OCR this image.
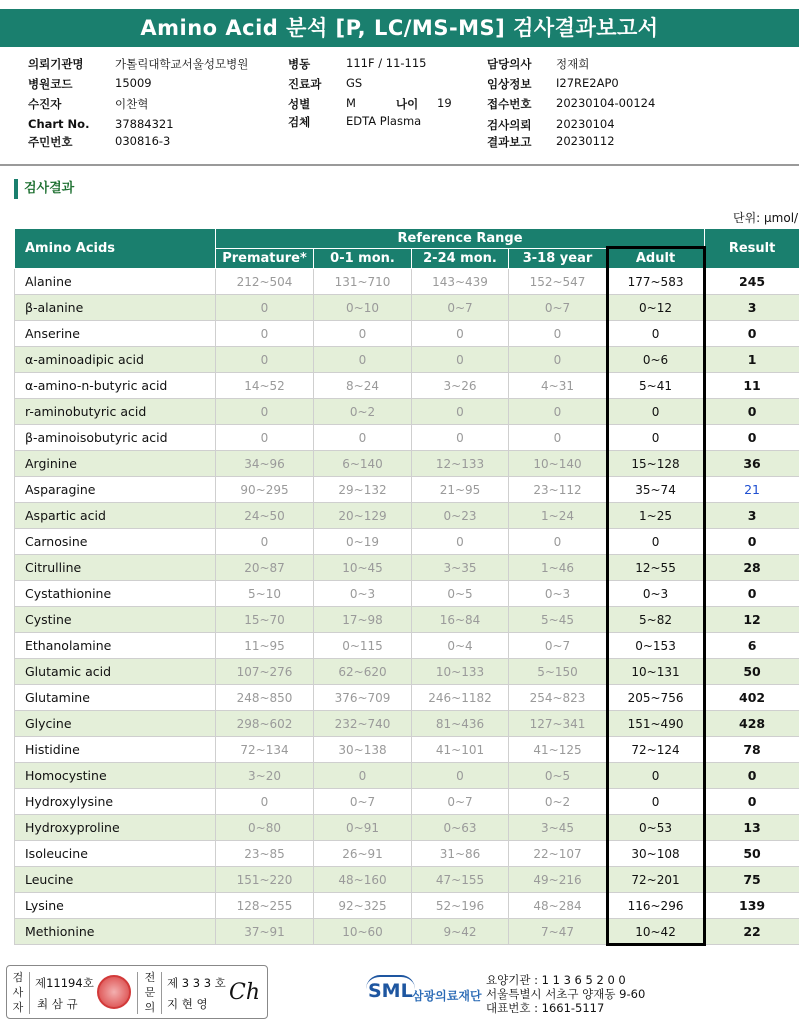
Amino Acid 분석 [P, LC/MS-MS] 검사결과보고서
의뢰기관명	가톨릭대학교서울성모병원
병원코드	15009
수진자	이찬혁
Chart No. 37884321
주민번호	030816-3
병동	111F / 11-115
진료과 GS
성별	M	나이 19
검체	EDTA Plasma
담당의사 정재희
임상정보 I27RE2AP0
접수번호 20230104-00124
검사의뢰 20230104
결과보고 20230112
검사결과
단위: μmol/
Amino Acids	Reference Range					Result
	Premature*	0-1 mon.	2-24 mon.	3-18 year	Adult	
Alanine	212~504	131~710	143~439	152~547	177~583	245
β-alanine	0	0~10	0~7	0~7	0~12	3
Anserine	0	0	0	0	0	0
α-aminoadipic acid	0	0	0	0	0~6	1
α-amino-n-butyric acid	14~52	8~24	3~26	4~31	5~41	11
r-aminobutyric acid	0	0~2	0	0	0	0
β-aminoisobutyric acid	0	0	0	0	0	0
Arginine	34~96	6~140	12~133	10~140	15~128	36
Asparagine	90~295	29~132	21~95	23~112	35~74	21
Aspartic acid	24~50	20~129	0~23	1~24	1~25	3
Carnosine	0	0~19	0	0	0	0
Citrulline	20~87	10~45	3~35	1~46	12~55	28
Cystathionine	5~10	0~3	0~5	0~3	0~3	0
Cystine	15~70	17~98	16~84	5~45	5~82	12
Ethanolamine	11~95	0~115	0~4	0~7	0~153	6
Glutamic acid	107~276	62~620	10~133	5~150	10~131	50
Glutamine	248~850	376~709	246~1182	254~823	205~756	402
Glycine	298~602	232~740	81~436	127~341	151~490	428
Histidine	72~134	30~138	41~101	41~125	72~124	78
Homocystine	3~20	0	0	0~5	0	0
Hydroxylysine	0	0~7	0~7	0~2	0	0
Hydroxyproline	0~80	0~91	0~63	3~45	0~53	13
Isoleucine	23~85	26~91	31~86	22~107	30~108	50
Leucine	151~220	48~160	47~155	49~216	72~201	75
Lysine	128~255	92~325	52~196	48~284	116~296	139
Methionine	37~91	10~60	9~42	7~47	10~42	22
검사자
제11194호
최 삼 규
전문의
제 3 3 3 호
지 현 영 Ch	SML 삼광의료재단
요양기관 : 1 1 3 6 5 2 0 0
서울특별시 서초구 양재동 9-60
대표번호 : 1661-5117
